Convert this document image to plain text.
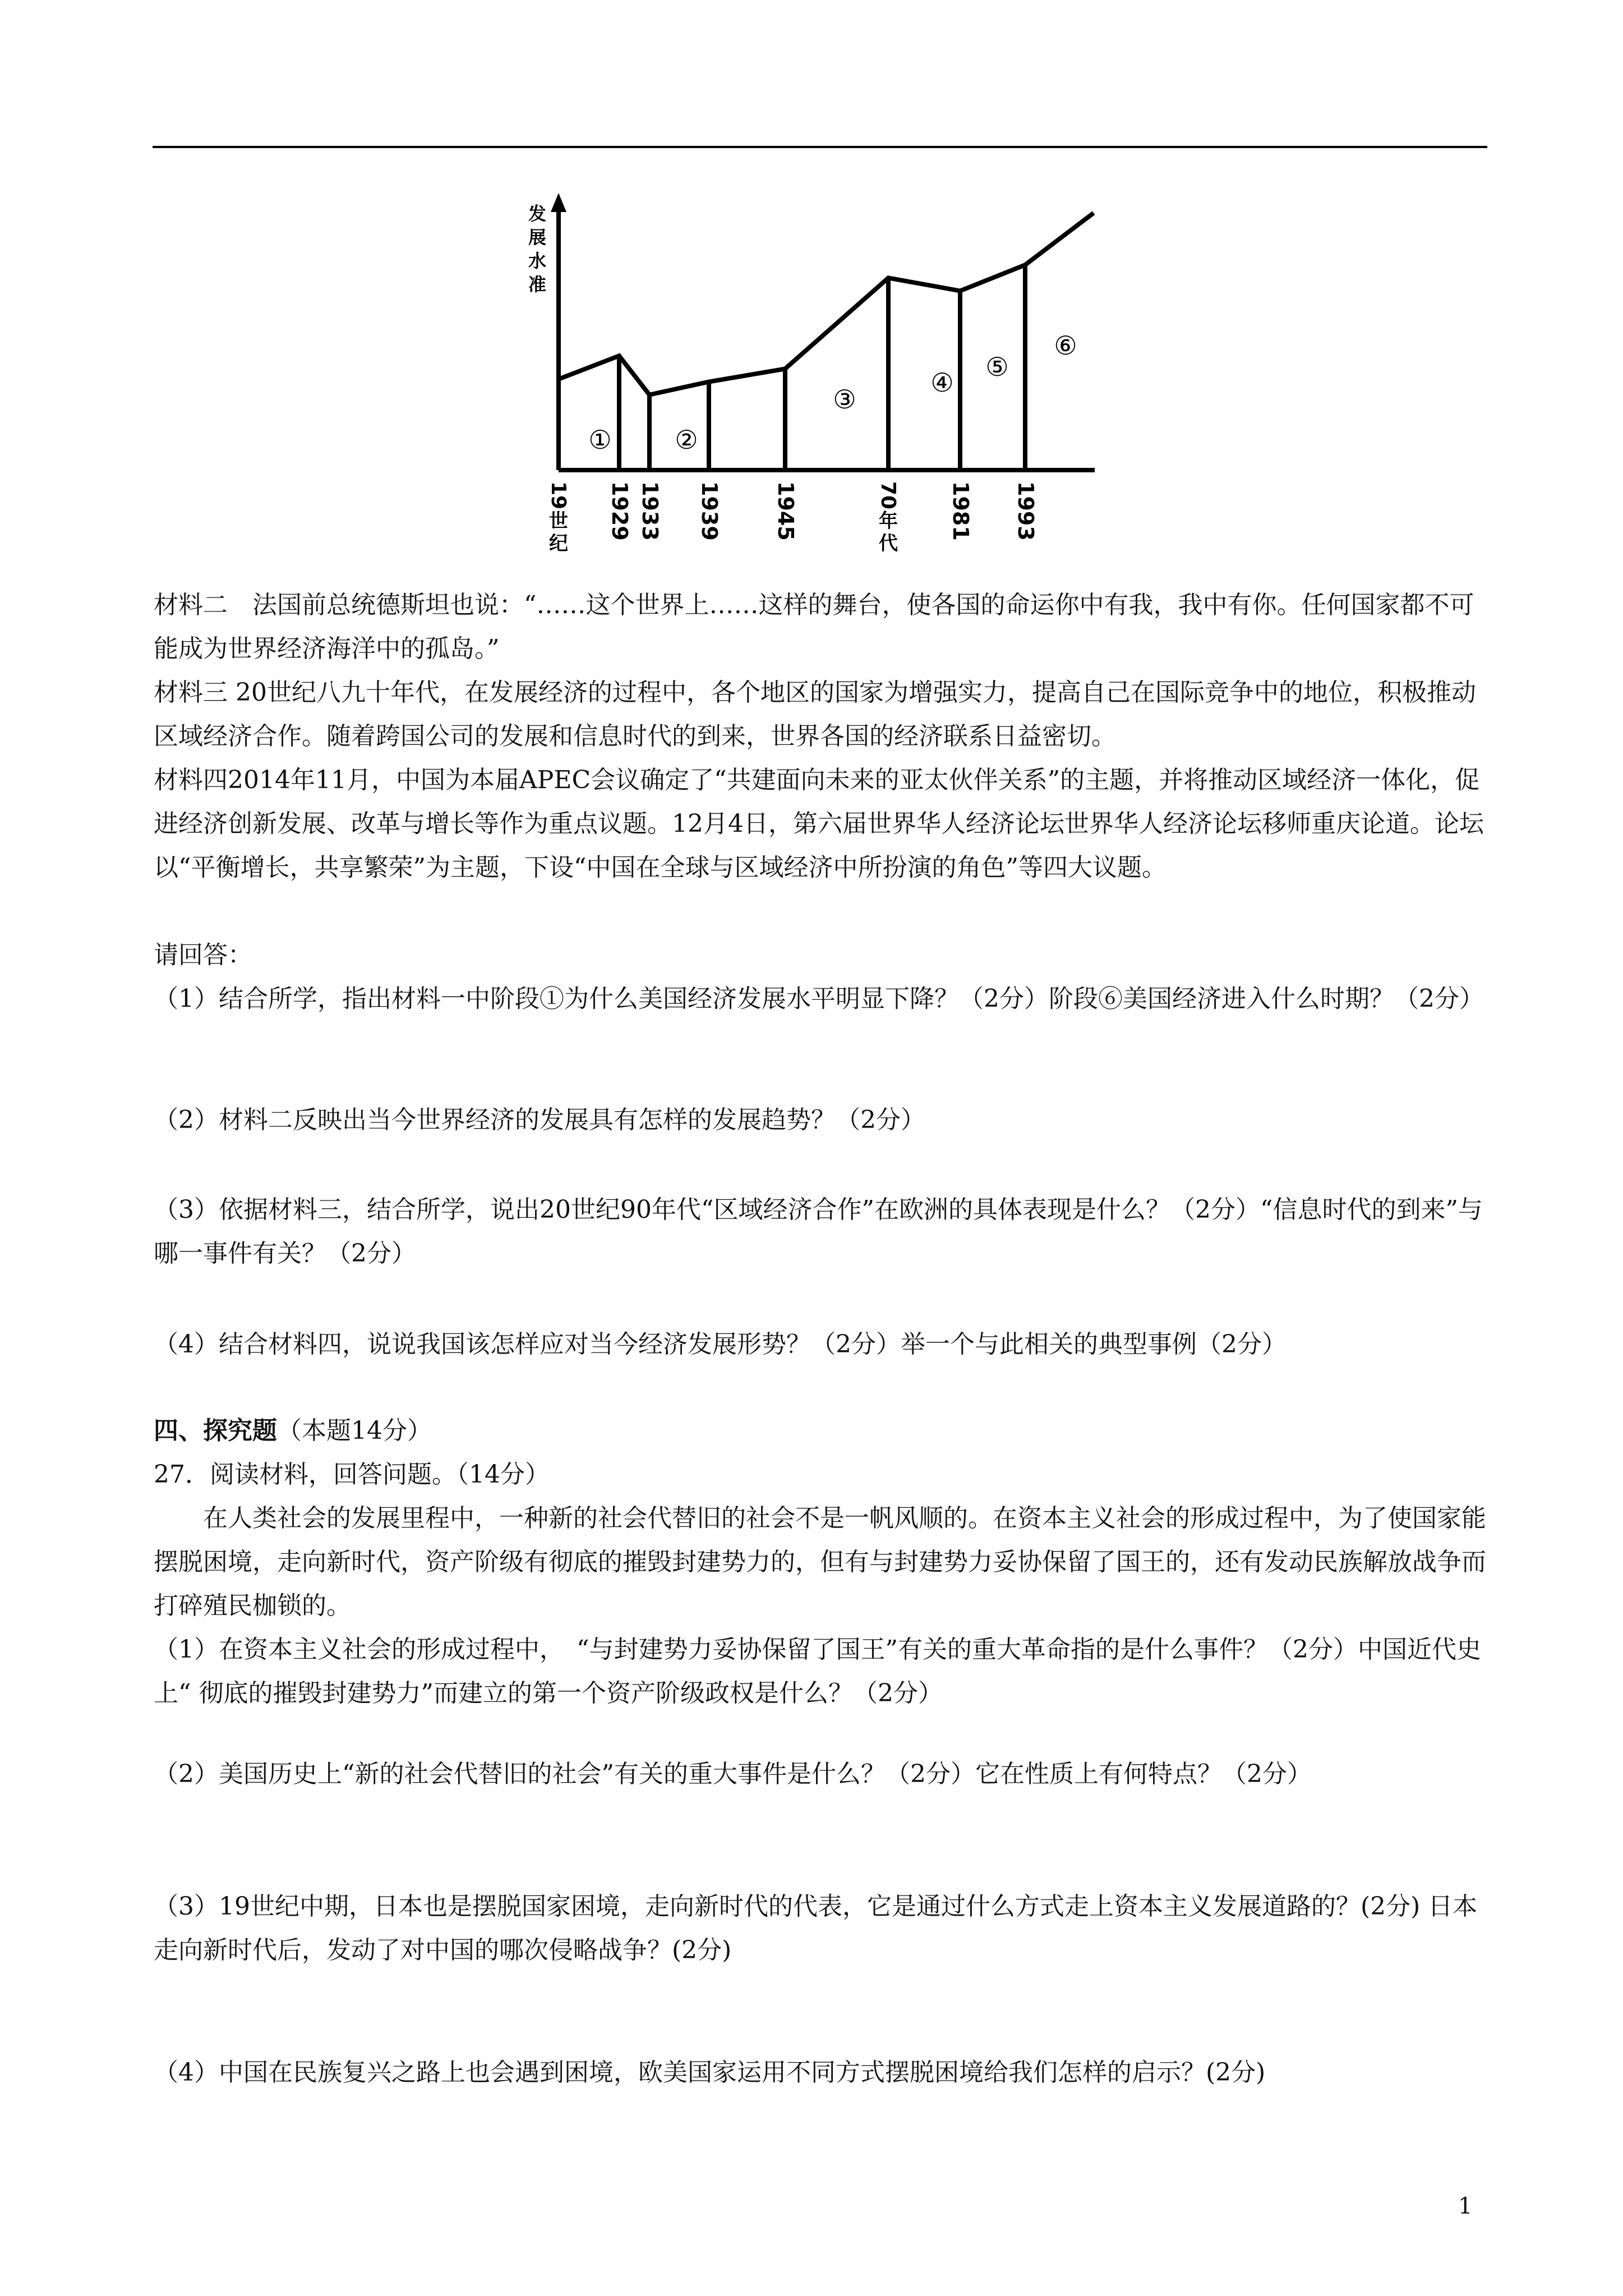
发
展
水
准
① ②
③
④
⑤
⑥
19
世
纪
1929 1933 1939 1945	70
年
代
1981 1993

材料二　法国前总统德斯坦也说：“……这个世界上……这样的舞台，使各国的命运你中有我，我中有你。任何国家都不可能成为世界经济海洋中的孤岛。”

材料三 20世纪八九十年代，在发展经济的过程中，各个地区的国家为增强实力，提高自己在国际竞争中的地位，积极推动区域经济合作。随着跨国公司的发展和信息时代的到来，世界各国的经济联系日益密切。

材料四2014年11月，中国为本届APEC会议确定了“共建面向未来的亚太伙伴关系”的主题，并将推动区域经济一体化，促进经济创新发展、改革与增长等作为重点议题。12月4日，第六届世界华人经济论坛世界华人经济论坛移师重庆论道。论坛以“平衡增长，共享繁荣”为主题，下设“中国在全球与区域经济中所扮演的角色”等四大议题。

请回答：

（1）结合所学，指出材料一中阶段①为什么美国经济发展水平明显下降？（2分）阶段⑥美国经济进入什么时期？（2分）

（2）材料二反映出当今世界经济的发展具有怎样的发展趋势？（2分）

（3）依据材料三，结合所学，说出20世纪90年代“区域经济合作”在欧洲的具体表现是什么？（2分）“信息时代的到来”与哪一事件有关？（2分）

（4）结合材料四，说说我国该怎样应对当今经济发展形势？（2分）举一个与此相关的典型事例（2分）

四、探究题（本题14分）

27．阅读材料，回答问题。（14分）

在人类社会的发展里程中，一种新的社会代替旧的社会不是一帆风顺的。在资本主义社会的形成过程中，为了使国家能摆脱困境，走向新时代，资产阶级有彻底的摧毁封建势力的，但有与封建势力妥协保留了国王的，还有发动民族解放战争而打碎殖民枷锁的。

（1）在资本主义社会的形成过程中，　“与封建势力妥协保留了国王”有关的重大革命指的是什么事件？（2分）中国近代史上“ 彻底的摧毁封建势力”而建立的第一个资产阶级政权是什么？（2分）

（2）美国历史上“新的社会代替旧的社会”有关的重大事件是什么？（2分）它在性质上有何特点？（2分）

（3）19世纪中期，日本也是摆脱国家困境，走向新时代的代表，它是通过什么方式走上资本主义发展道路的？(2分) 日本走向新时代后，发动了对中国的哪次侵略战争？(2分)

（4）中国在民族复兴之路上也会遇到困境，欧美国家运用不同方式摆脱困境给我们怎样的启示？(2分)

1
